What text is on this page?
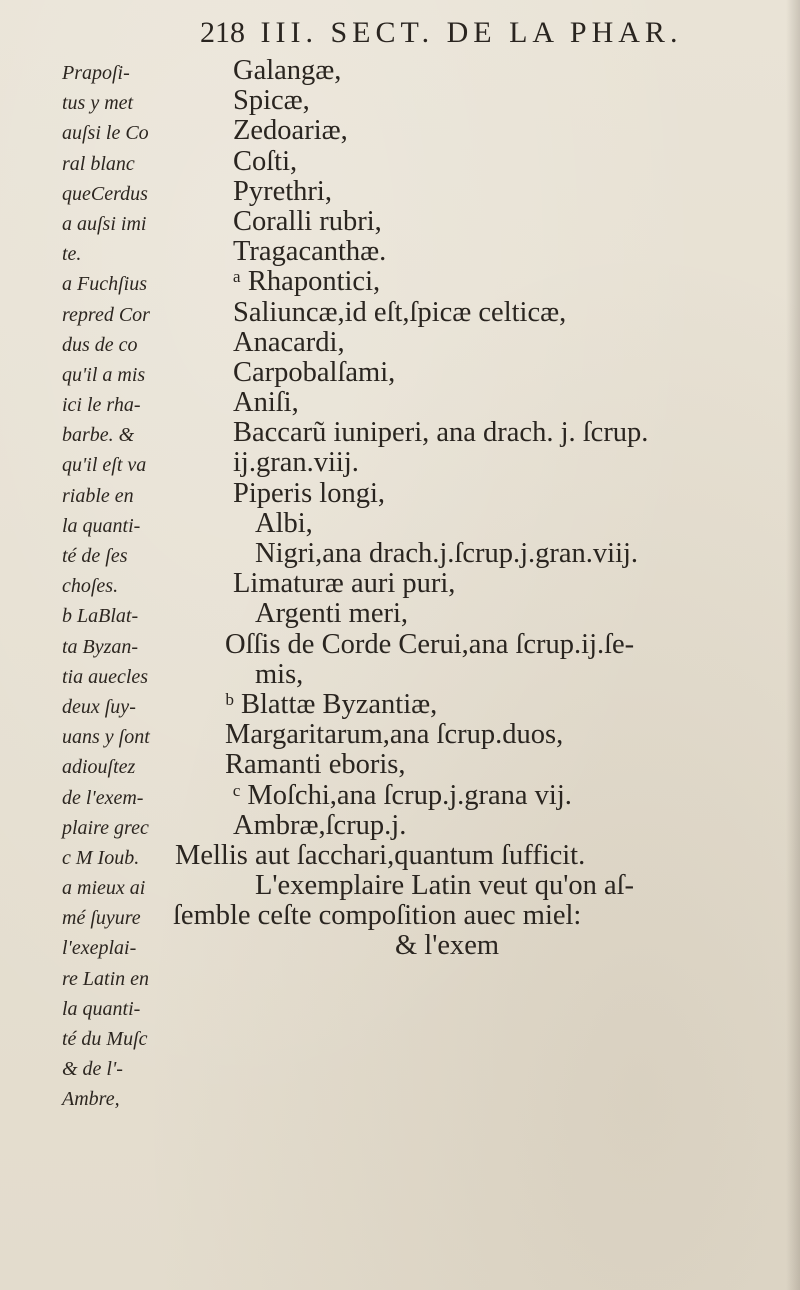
218 III. SECT. DE LA PHAR.
Prapoſi-
tus y met
auſsi le Co
ral blanc
queCerdus
a auſsi imi
te.
a Fuchſius
repred Cor
dus de co
qu'il a mis
ici le rha-
barbe. &
qu'il eſt va
riable en
la quanti-
té de ſes
choſes.
b LaBlat-
ta Byzan-
tia auecles
deux ſuy-
uans y ſont
adiouſtez
de l'exem-
plaire grec
c M Ioub.
a mieux ai
mé ſuyure
l'exeplai-
re Latin en
la quanti-
té du Muſc
& de l'-
Ambre,
Galangæ,
Spicæ,
Zedoariæ,
Coſti,
Pyrethri,
Coralli rubri,
Tragacanthæ.
ᵃ Rhapontici,
Saliuncæ,id eſt,ſpicæ celticæ,
Anacardi,
Carpobalſami,
Aniſi,
Baccarũ iuniperi, ana drach. j. ſcrup.
ij.gran.viij.
Piperis longi,
Albi,
Nigri,ana drach.j.ſcrup.j.gran.viij.
Limaturæ auri puri,
Argenti meri,
Oſſis de Corde Cerui,ana ſcrup.ij.ſe-
mis,
ᵇ Blattæ Byzantiæ,
Margaritarum,ana ſcrup.duos,
Ramanti eboris,
ᶜ Moſchi,ana ſcrup.j.grana vij.
Ambræ,ſcrup.j.
Mellis aut ſacchari,quantum ſufficit.
L'exemplaire Latin veut qu'on aſ-
ſemble ceſte compoſition auec miel:
& l'exem
